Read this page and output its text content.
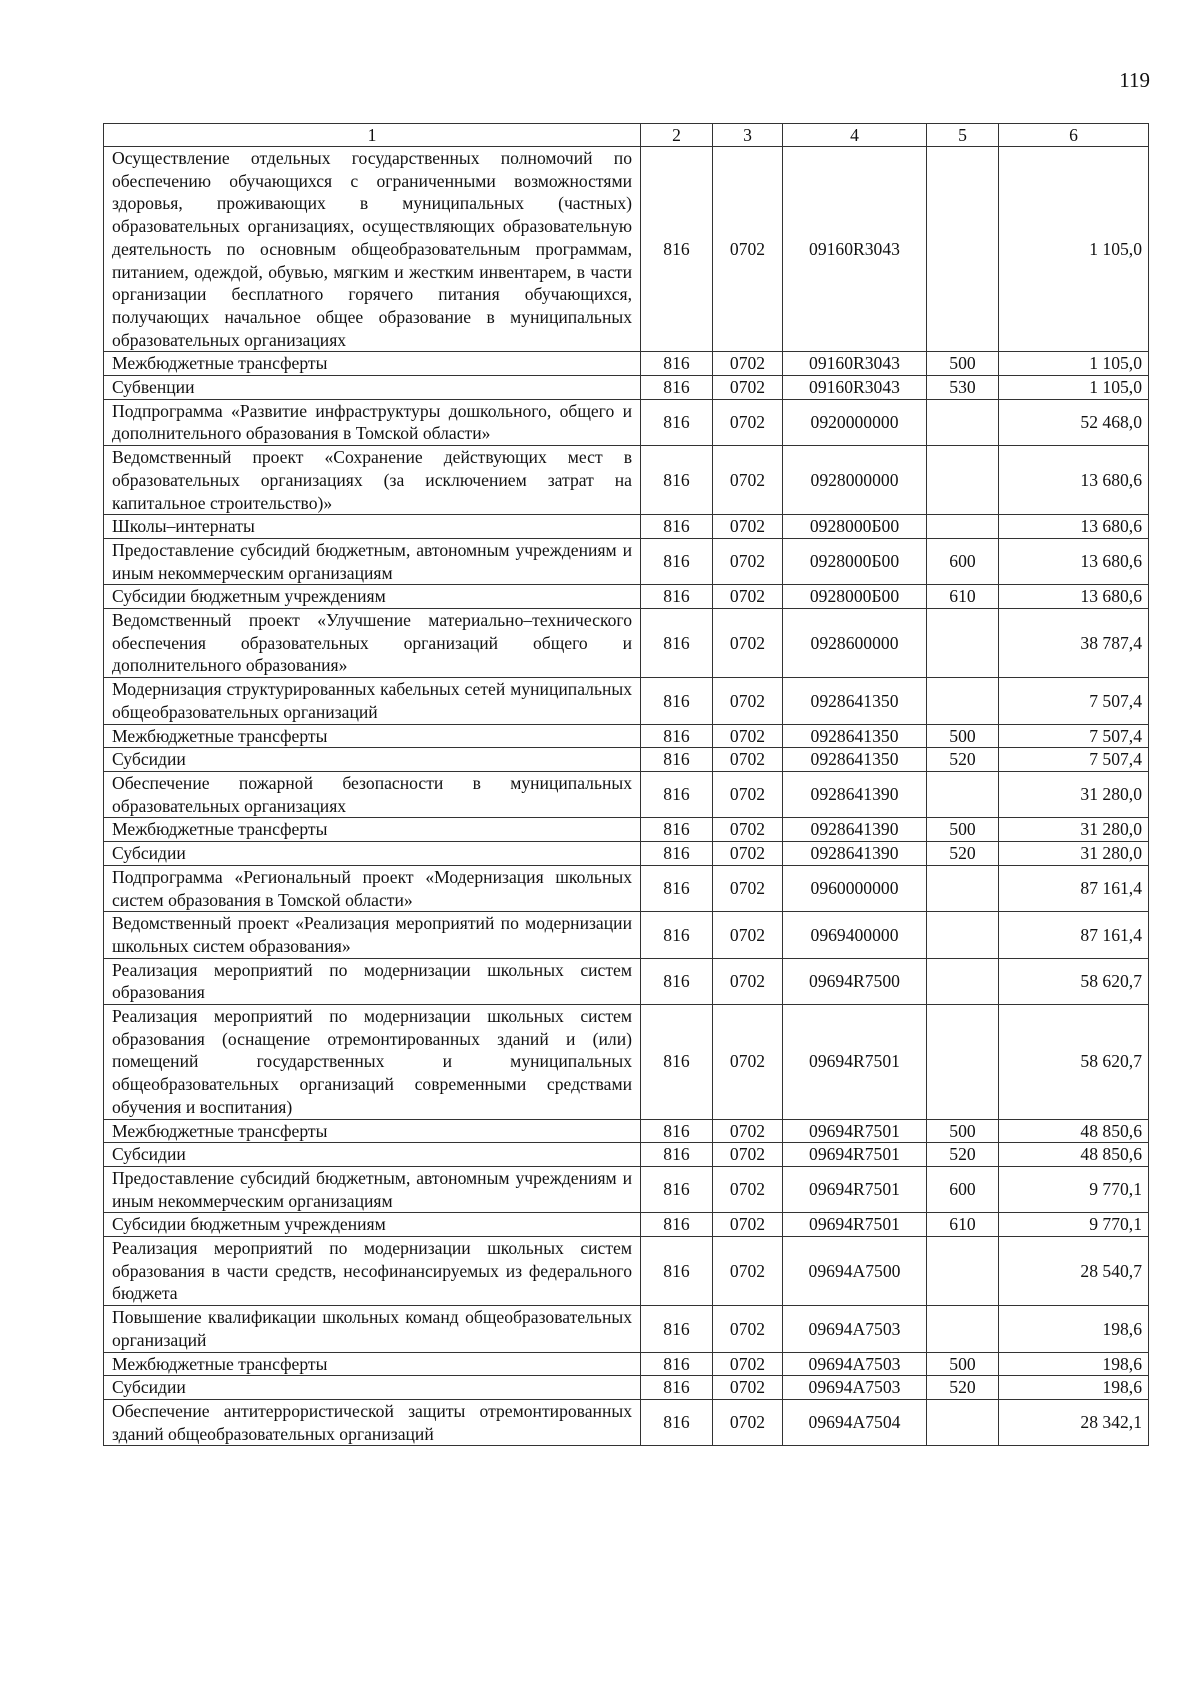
119
1	2	3	4	5	6
Осуществление отдельных государственных полномочий по обеспечению обучающихся с ограниченными возможностями здоровья, проживающих в муниципальных (частных) образовательных организациях, осуществляющих образовательную деятельность по основным общеобразовательным программам, питанием, одеждой, обувью, мягким и жестким инвентарем, в части организации бесплатного горячего питания обучающихся, получающих начальное общее образование в муниципальных образовательных организациях	816	0702	09160R3043		1 105,0
Межбюджетные трансферты	816	0702	09160R3043	500	1 105,0
Субвенции	816	0702	09160R3043	530	1 105,0
Подпрограмма «Развитие инфраструктуры дошкольного, общего и дополнительного образования в Томской области»	816	0702	0920000000		52 468,0
Ведомственный проект «Сохранение действующих мест в образовательных организациях (за исключением затрат на капитальное строительство)»	816	0702	0928000000		13 680,6
Школы–интернаты	816	0702	0928000Б00		13 680,6
Предоставление субсидий бюджетным, автономным учреждениям и иным некоммерческим организациям	816	0702	0928000Б00	600	13 680,6
Субсидии бюджетным учреждениям	816	0702	0928000Б00	610	13 680,6
Ведомственный проект «Улучшение материально–технического обеспечения образовательных организаций общего и дополнительного образования»	816	0702	0928600000		38 787,4
Модернизация структурированных кабельных сетей муниципальных общеобразовательных организаций	816	0702	0928641350		7 507,4
Межбюджетные трансферты	816	0702	0928641350	500	7 507,4
Субсидии	816	0702	0928641350	520	7 507,4
Обеспечение пожарной безопасности в муниципальных образовательных организациях	816	0702	0928641390		31 280,0
Межбюджетные трансферты	816	0702	0928641390	500	31 280,0
Субсидии	816	0702	0928641390	520	31 280,0
Подпрограмма «Региональный проект «Модернизация школьных систем образования в Томской области»	816	0702	0960000000		87 161,4
Ведомственный проект «Реализация мероприятий по модернизации школьных систем образования»	816	0702	0969400000		87 161,4
Реализация мероприятий по модернизации школьных систем образования	816	0702	09694R7500		58 620,7
Реализация мероприятий по модернизации школьных систем образования (оснащение отремонтированных зданий и (или) помещений государственных и муниципальных общеобразовательных организаций современными средствами обучения и воспитания)	816	0702	09694R7501		58 620,7
Межбюджетные трансферты	816	0702	09694R7501	500	48 850,6
Субсидии	816	0702	09694R7501	520	48 850,6
Предоставление субсидий бюджетным, автономным учреждениям и иным некоммерческим организациям	816	0702	09694R7501	600	9 770,1
Субсидии бюджетным учреждениям	816	0702	09694R7501	610	9 770,1
Реализация мероприятий по модернизации школьных систем образования в части средств, несофинансируемых из федерального бюджета	816	0702	09694A7500		28 540,7
Повышение квалификации школьных команд общеобразовательных организаций	816	0702	09694A7503		198,6
Межбюджетные трансферты	816	0702	09694A7503	500	198,6
Субсидии	816	0702	09694A7503	520	198,6
Обеспечение антитеррористической защиты отремонтированных зданий общеобразовательных организаций	816	0702	09694A7504		28 342,1
